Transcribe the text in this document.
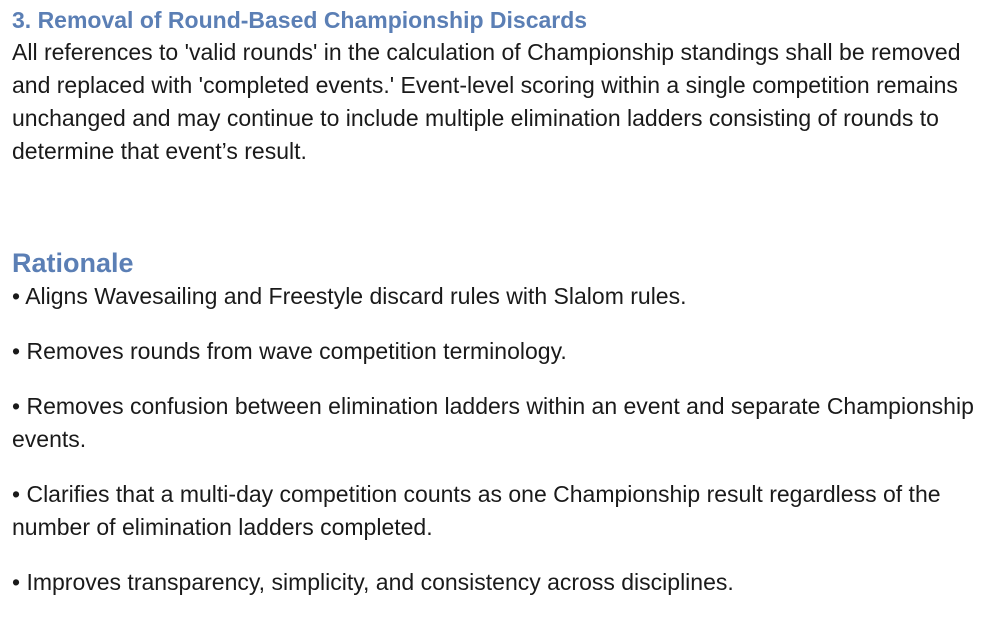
3. Removal of Round-Based Championship Discards

All references to 'valid rounds' in the calculation of Championship standings shall be removed and replaced with 'completed events.' Event-level scoring within a single competition remains unchanged and may continue to include multiple elimination ladders consisting of rounds to determine that event’s result.

Rationale
• Aligns Wavesailing and Freestyle discard rules with Slalom rules.
• Removes rounds from wave competition terminology.
• Removes confusion between elimination ladders within an event and separate Championship events.
• Clarifies that a multi-day competition counts as one Championship result regardless of the number of elimination ladders completed.
• Improves transparency, simplicity, and consistency across disciplines.
